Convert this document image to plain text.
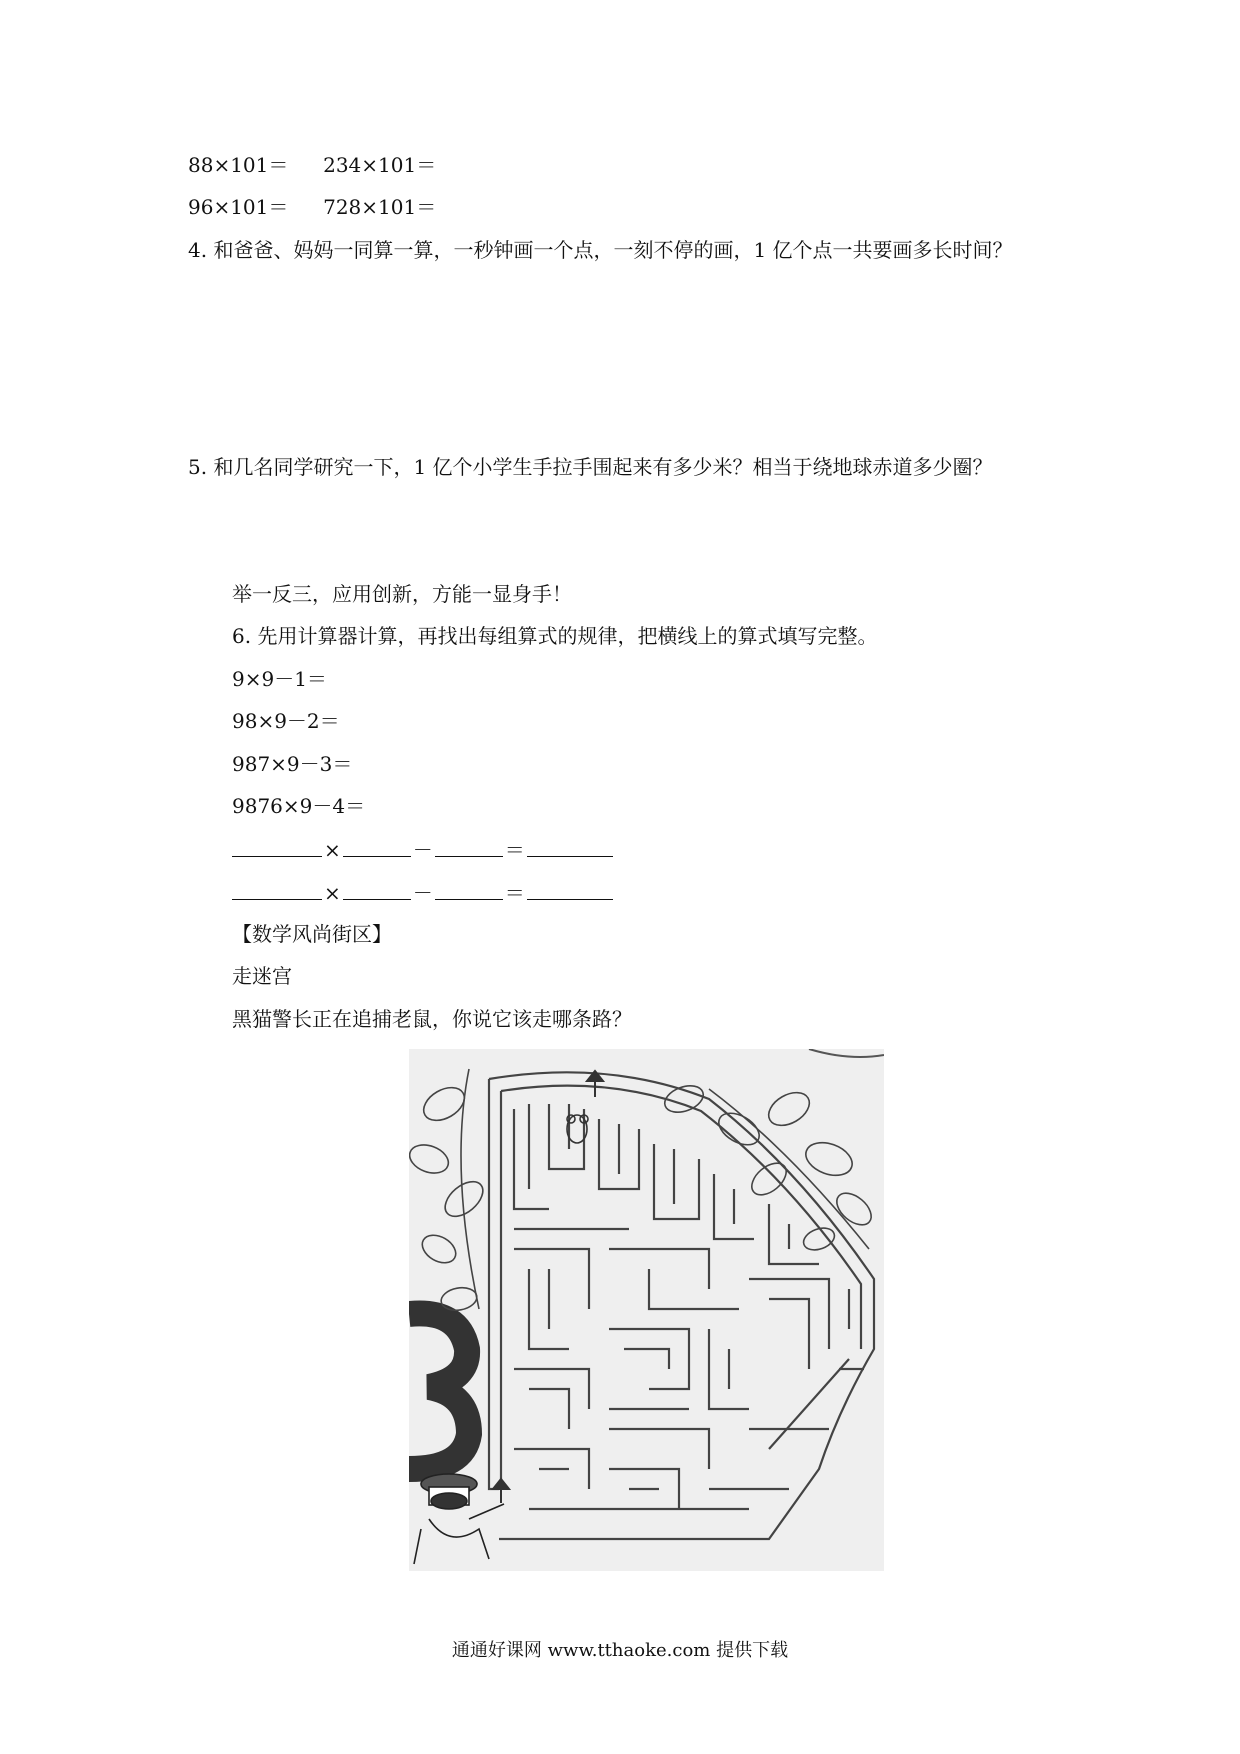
88×101＝ 234×101＝
96×101＝ 728×101＝
4. 和爸爸、妈妈一同算一算，一秒钟画一个点，一刻不停的画，1 亿个点一共要画多长时间？
5. 和几名同学研究一下，1 亿个小学生手拉手围起来有多少米？相当于绕地球赤道多少圈？
举一反三，应用创新，方能一显身手！
6. 先用计算器计算，再找出每组算式的规律，把横线上的算式填写完整。
9×9－1＝
98×9－2＝
987×9－3＝
9876×9－4＝
×	－	＝
×	－	＝
【数学风尚街区】
走迷宫
黑猫警长正在追捕老鼠，你说它该走哪条路？
通通好课网 www.tthaoke.com 提供下载
